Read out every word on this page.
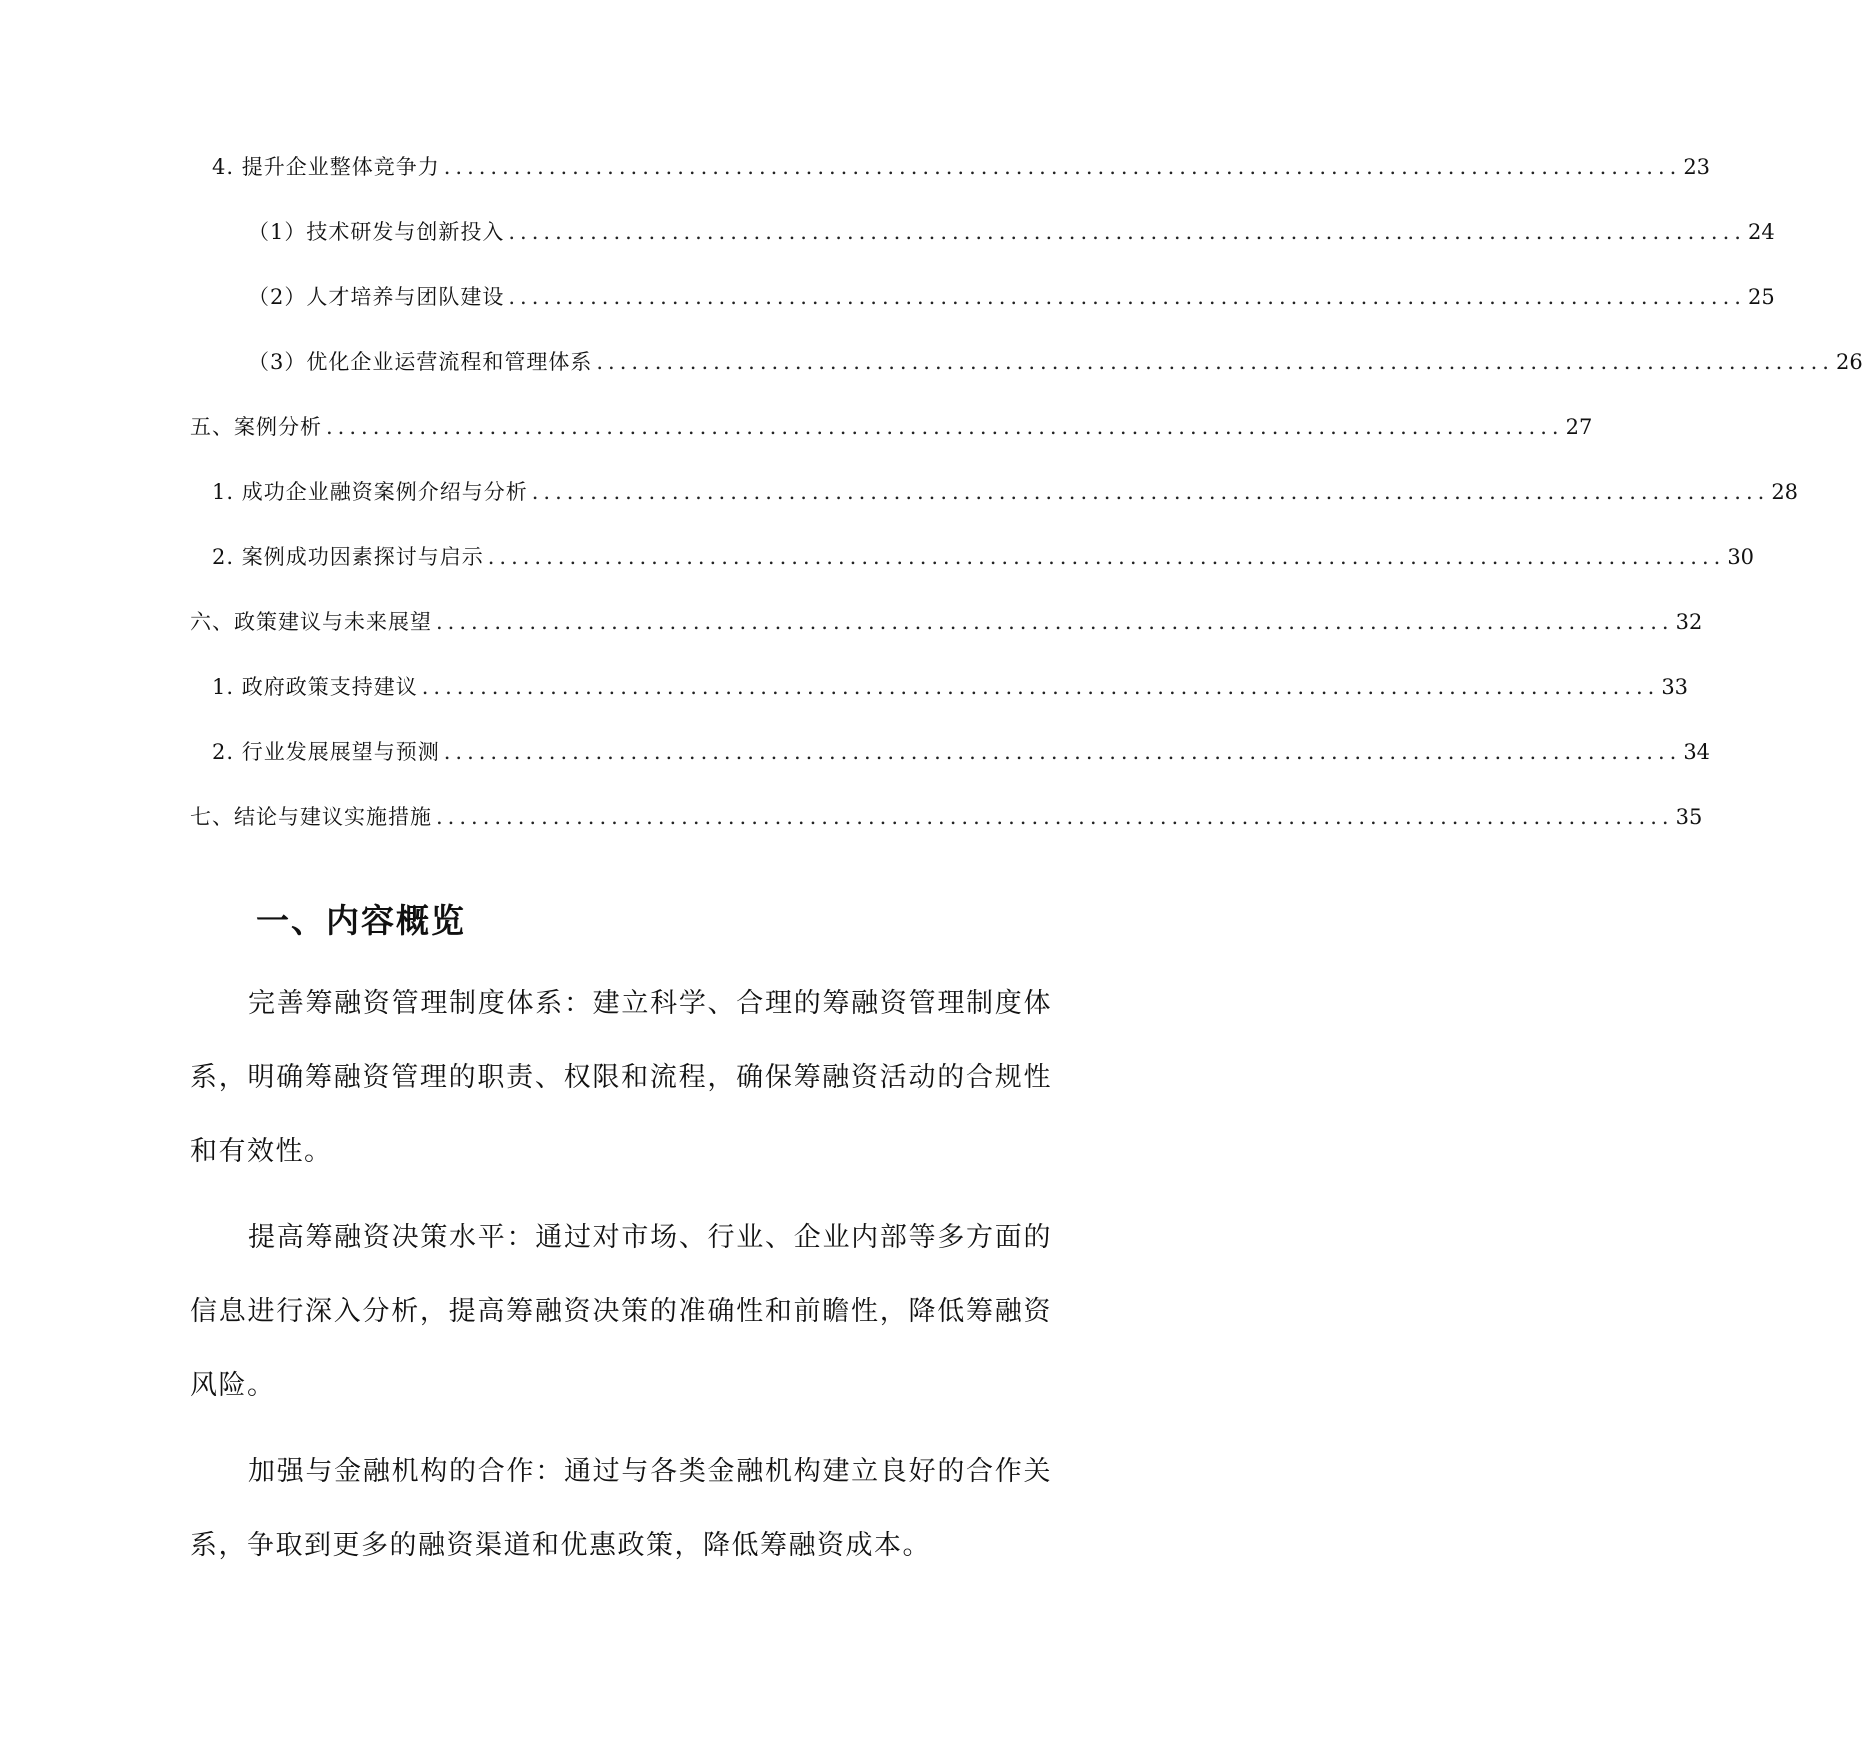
4. 提升企业整体竞争力 .......................................................................................................... 23
（1）技术研发与创新投入 .......................................................................................................... 24
（2）人才培养与团队建设 .......................................................................................................... 25
（3）优化企业运营流程和管理体系 .......................................................................................................... 26
五、案例分析 .......................................................................................................... 27
1. 成功企业融资案例介绍与分析 .......................................................................................................... 28
2. 案例成功因素探讨与启示 .......................................................................................................... 30
六、政策建议与未来展望 .......................................................................................................... 32
1. 政府政策支持建议 .......................................................................................................... 33
2. 行业发展展望与预测 .......................................................................................................... 34
七、结论与建议实施措施 .......................................................................................................... 35
一、内容概览

完善筹融资管理制度体系：建立科学、合理的筹融资管理制度体系，明确筹融资管理的职责、权限和流程，确保筹融资活动的合规性和有效性。

提高筹融资决策水平：通过对市场、行业、企业内部等多方面的信息进行深入分析，提高筹融资决策的准确性和前瞻性，降低筹融资风险。

加强与金融机构的合作：通过与各类金融机构建立良好的合作关系，争取到更多的融资渠道和优惠政策，降低筹融资成本。
